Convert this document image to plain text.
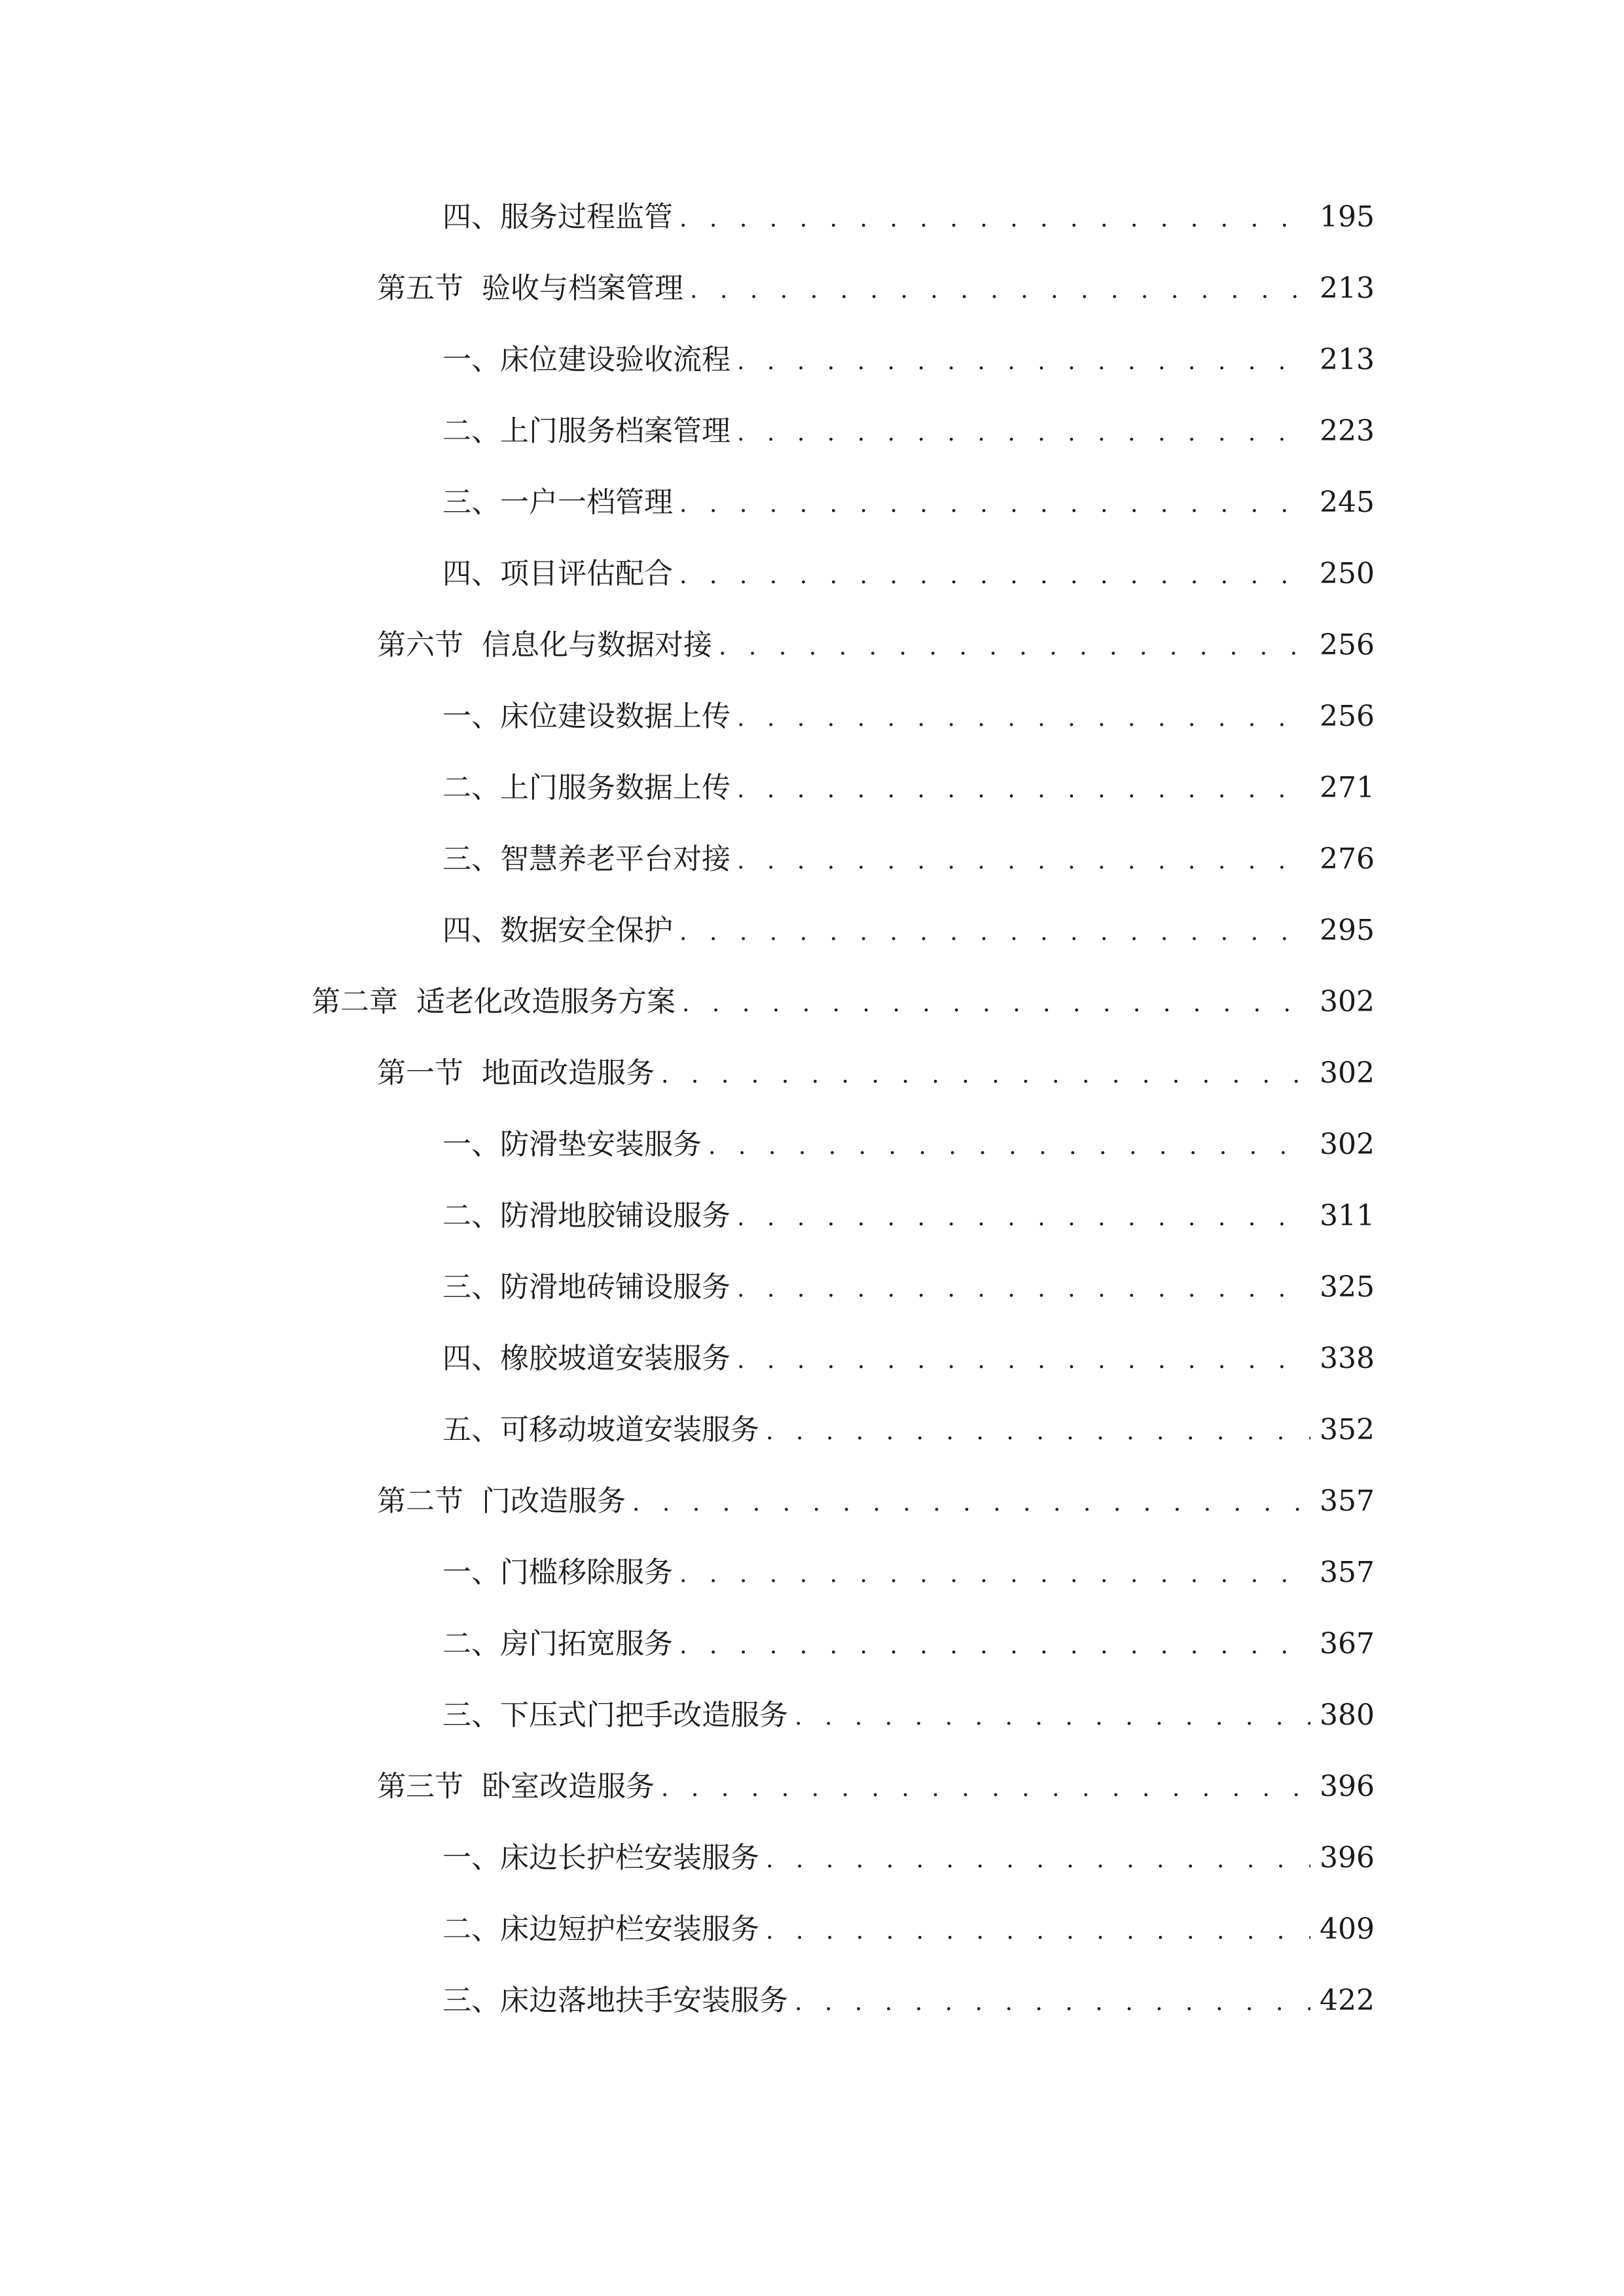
四、 服务过程监管 . . .	195
第五节 验收与档案管理 . . .	213
一、 床位建设验收流程 . . .	213
二、 上门服务档案管理 . . .	223
三、 一户一档管理 . . .	245
四、 项目评估配合 . . .	250
第六节 信息化与数据对接 . . .	256
一、 床位建设数据上传 . . .	256
二、 上门服务数据上传 . . .	271
三、 智慧养老平台对接 . . .	276
四、 数据安全保护 . . .	295
第二章 适老化改造服务方案 . . .	302
第一节 地面改造服务 . . .	302
一、 防滑垫安装服务 . . .	302
二、 防滑地胶铺设服务 . . .	311
三、 防滑地砖铺设服务 . . .	325
四、 橡胶坡道安装服务 . . .	338
五、 可移动坡道安装服务 . . .	352
第二节 门改造服务 . . .	357
一、 门槛移除服务 . . .	357
二、 房门拓宽服务 . . .	367
三、 下压式门把手改造服务 . . .	380
第三节 卧室改造服务 . . .	396
一、 床边长护栏安装服务 . . .	396
二、 床边短护栏安装服务 . . .	409
三、 床边落地扶手安装服务 . . .	422
